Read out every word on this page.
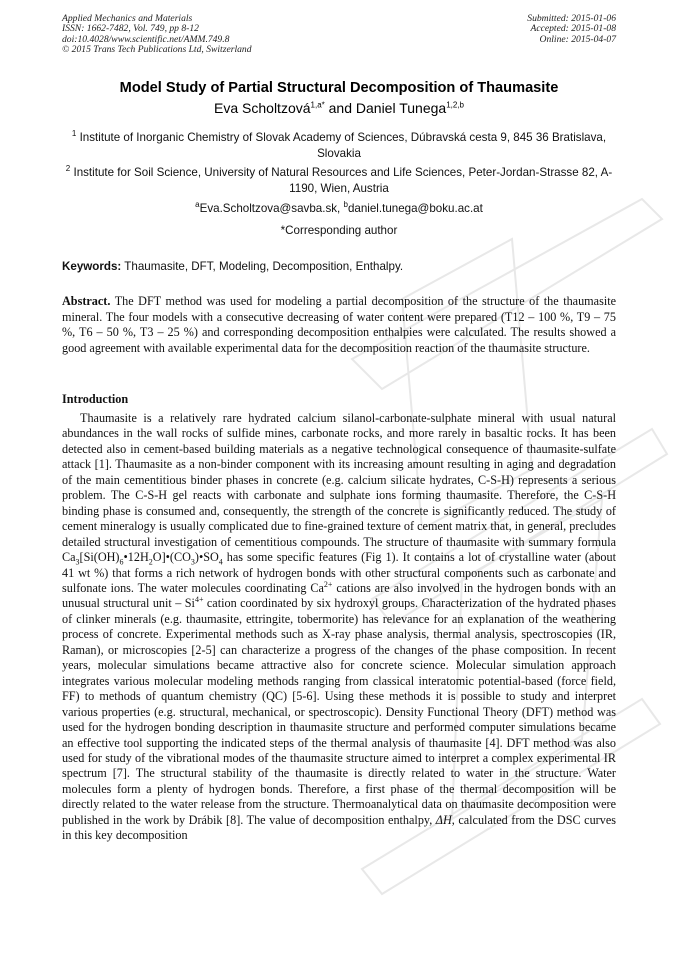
Applied Mechanics and Materials
ISSN: 1662-7482, Vol. 749, pp 8-12
doi:10.4028/www.scientific.net/AMM.749.8
© 2015 Trans Tech Publications Ltd, Switzerland
Submitted: 2015-01-06
Accepted: 2015-01-08
Online: 2015-04-07
Model Study of Partial Structural Decomposition of Thaumasite
Eva Scholtzová$^{1,a*}$ and Daniel Tunega$^{1,2,b}$
$^1$ Institute of Inorganic Chemistry of Slovak Academy of Sciences, Dúbravská cesta 9, 845 36 Bratislava, Slovakia
$^2$ Institute for Soil Science, University of Natural Resources and Life Sciences, Peter-Jordan-Strasse 82, A-1190, Wien, Austria
$^a$Eva.Scholtzova@savba.sk, $^b$daniel.tunega@boku.ac.at
*Corresponding author
Keywords: Thaumasite, DFT, Modeling, Decomposition, Enthalpy.
Abstract. The DFT method was used for modeling a partial decomposition of the structure of the thaumasite mineral. The four models with a consecutive decreasing of water content were prepared (T12 – 100 %, T9 – 75 %, T6 – 50 %, T3 – 25 %) and corresponding decomposition enthalpies were calculated. The results showed a good agreement with available experimental data for the decomposition reaction of the thaumasite structure.
Introduction

Thaumasite is a relatively rare hydrated calcium silanol-carbonate-sulphate mineral with usual natural abundances in the wall rocks of sulfide mines, carbonate rocks, and more rarely in basaltic rocks. It has been detected also in cement-based building materials as a negative technological consequence of thaumasite-sulfate attack [1]. Thaumasite as a non-binder component with its increasing amount resulting in aging and degradation of the main cementitious binder phases in concrete (e.g. calcium silicate hydrates, C-S-H) represents a serious problem. The C-S-H gel reacts with carbonate and sulphate ions forming thaumasite. Therefore, the C-S-H binding phase is consumed and, consequently, the strength of the concrete is significantly reduced. The study of cement mineralogy is usually complicated due to fine-grained texture of cement matrix that, in general, precludes detailed structural investigation of cementitious compounds. The structure of thaumasite with summary formula $Ca_3[Si(OH)_6•12H_2O]•(CO_3)•SO_4$ has some specific features (Fig 1). It contains a lot of crystalline water (about 41 wt %) that forms a rich network of hydrogen bonds with other structural components such as carbonate and sulfonate ions. The water molecules coordinating $Ca^{2+}$ cations are also involved in the hydrogen bonds with an unusual structural unit – $Si^{4+}$ cation coordinated by six hydroxyl groups. Characterization of the hydrated phases of clinker minerals (e.g. thaumasite, ettringite, tobermorite) has relevance for an explanation of the weathering process of concrete. Experimental methods such as X-ray phase analysis, thermal analysis, spectroscopies (IR, Raman), or microscopies [2-5] can characterize a progress of the changes of the phase composition. In recent years, molecular simulations became attractive also for concrete science. Molecular simulation approach integrates various molecular modeling methods ranging from classical interatomic potential-based (force field, FF) to methods of quantum chemistry (QC) [5-6]. Using these methods it is possible to study and interpret various properties (e.g. structural, mechanical, or spectroscopic). Density Functional Theory (DFT) method was used for the hydrogen bonding description in thaumasite structure and performed computer simulations became an effective tool supporting the indicated steps of the thermal analysis of thaumasite [4]. DFT method was also used for study of the vibrational modes of the thaumasite structure aimed to interpret a complex experimental IR spectrum [7]. The structural stability of the thaumasite is directly related to water in the structure. Water molecules form a plenty of hydrogen bonds. Therefore, a first phase of the thermal decomposition will be directly related to the water release from the structure. Thermoanalytical data on thaumasite decomposition were published in the work by Drábik [8]. The value of decomposition enthalpy, ΔH, calculated from the DSC curves in this key decomposition
